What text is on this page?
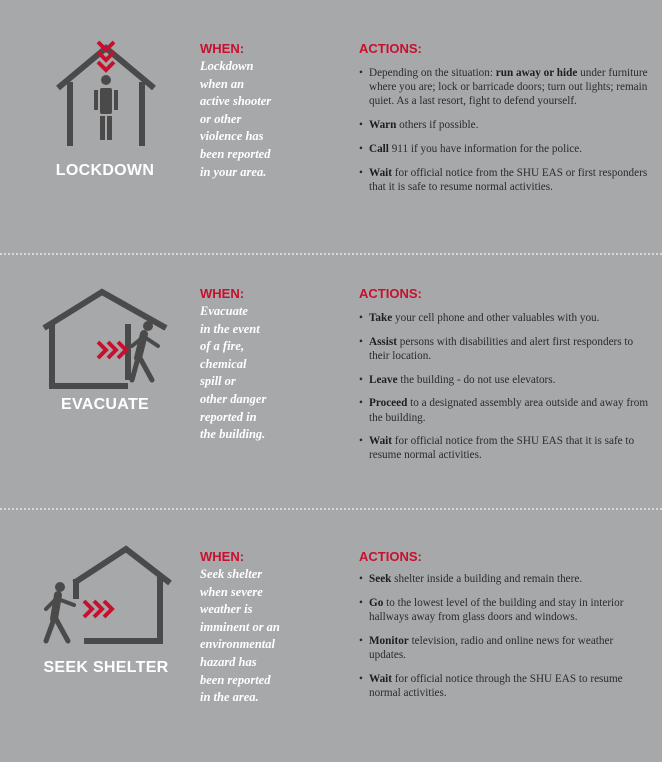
LOCKDOWN
WHEN:
Lockdown
when an
active shooter
or other
violence has
been reported
in your area.
ACTIONS:
• Depending on the situation: run away or hide under furniture where you are; lock or barricade doors; turn out lights; remain quiet. As a last resort, fight to defend yourself.
• Warn others if possible.
• Call 911 if you have information for the police.
• Wait for official notice from the SHU EAS or first responders that it is safe to resume normal activities.
EVACUATE
WHEN:
Evacuate
in the event
of a fire,
chemical
spill or
other danger
reported in
the building.
ACTIONS:
• Take your cell phone and other valuables with you.
• Assist persons with disabilities and alert first responders to their location.
• Leave the building - do not use elevators.
• Proceed to a designated assembly area outside and away from the building.
• Wait for official notice from the SHU EAS that it is safe to resume normal activities.
SEEK SHELTER
WHEN:
Seek shelter
when severe
weather is
imminent or an
environmental
hazard has
been reported
in the area.
ACTIONS:
• Seek shelter inside a building and remain there.
• Go to the lowest level of the building and stay in interior hallways away from glass doors and windows.
• Monitor television, radio and online news for weather updates.
• Wait for official notice through the SHU EAS to resume normal activities.
